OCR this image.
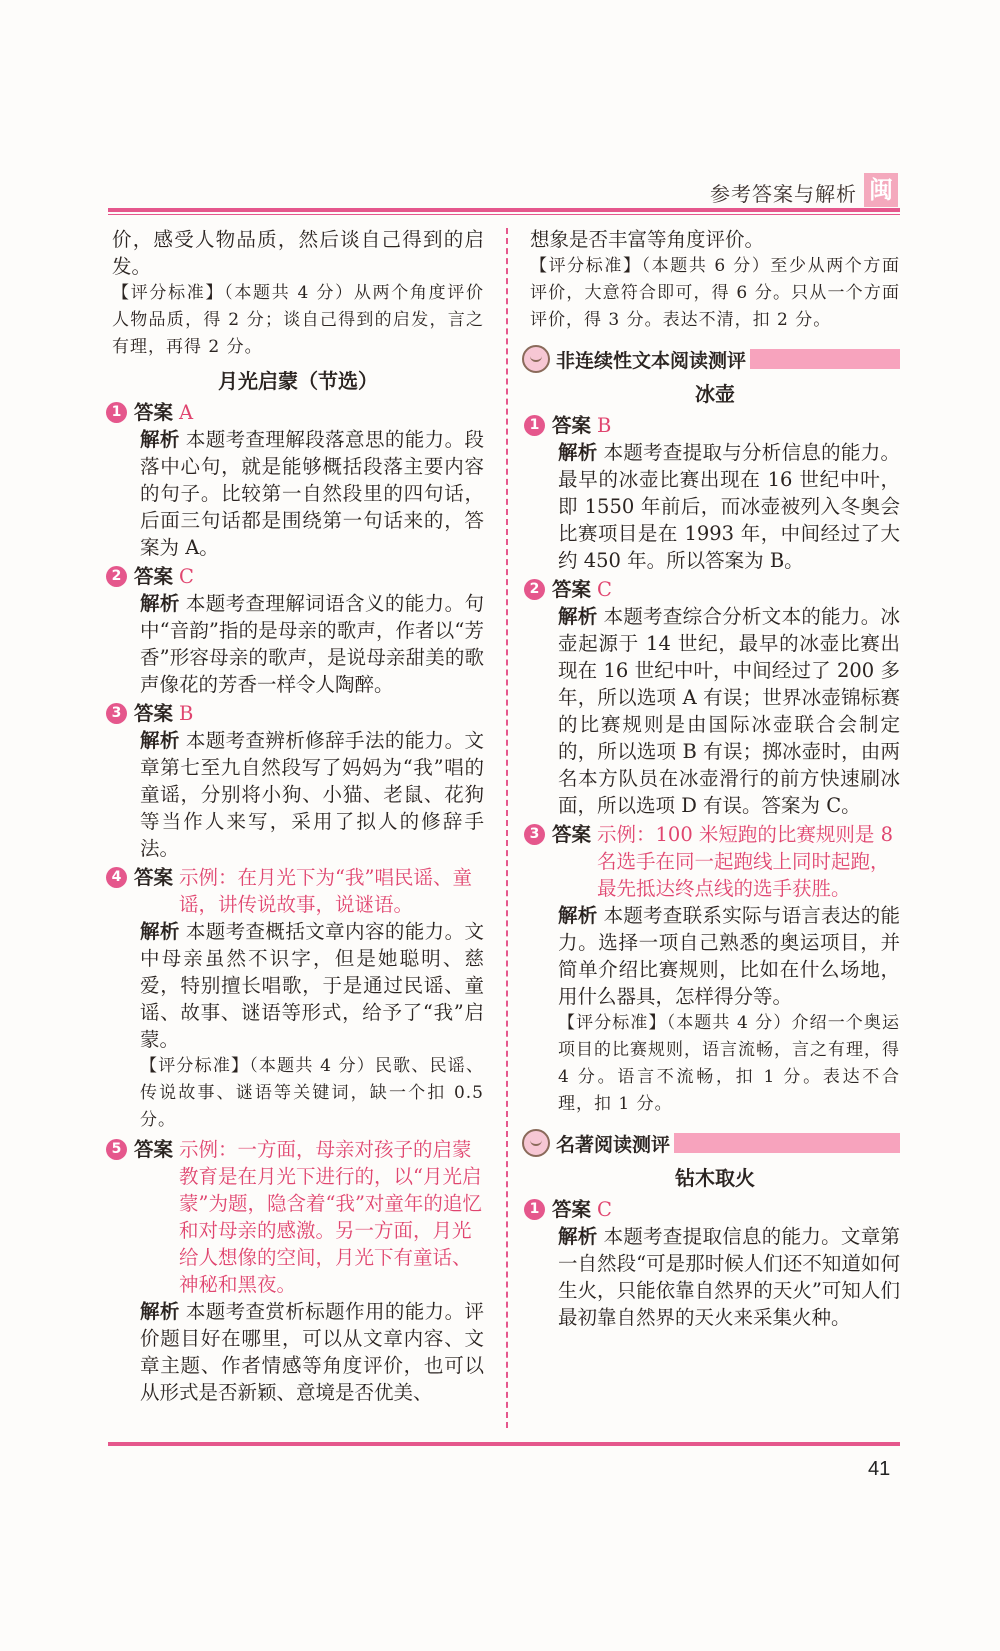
参考答案与解析 闽

价，感受人物品质，然后谈自己得到的启发。

【评分标准】（本题共 4 分）从两个角度评价人物品质，得 2 分；谈自己得到的启发，言之有理，再得 2 分。

月光启蒙（节选）
1 答案 A

解析 本题考查理解段落意思的能力。段落中心句，就是能够概括段落主要内容的句子。比较第一自然段里的四句话，后面三句话都是围绕第一句话来的，答案为 A。

2 答案 C

解析 本题考查理解词语含义的能力。句中“音韵”指的是母亲的歌声，作者以“芳香”形容母亲的歌声，是说母亲甜美的歌声像花的芳香一样令人陶醉。

3 答案 B

解析 本题考查辨析修辞手法的能力。文章第七至九自然段写了妈妈为“我”唱的童谣，分别将小狗、小猫、老鼠、花狗等当作人来写，采用了拟人的修辞手法。

4 答案 示例：在月光下为“我”唱民谣、童谣，讲传说故事，说谜语。

解析 本题考查概括文章内容的能力。文中母亲虽然不识字，但是她聪明、慈爱，特别擅长唱歌，于是通过民谣、童谣、故事、谜语等形式，给予了“我”启蒙。

【评分标准】（本题共 4 分）民歌、民谣、传说故事、谜语等关键词，缺一个扣 0.5 分。

5 答案 示例：一方面，母亲对孩子的启蒙教育是在月光下进行的，以“月光启蒙”为题，隐含着“我”对童年的追忆和对母亲的感激。另一方面，月光给人想像的空间，月光下有童话、神秘和黑夜。

解析 本题考查赏析标题作用的能力。评价题目好在哪里，可以从文章内容、文章主题、作者情感等角度评价，也可以从形式是否新颖、意境是否优美、

想象是否丰富等角度评价。

【评分标准】（本题共 6 分）至少从两个方面评价，大意符合即可，得 6 分。只从一个方面评价，得 3 分。表达不清，扣 2 分。

非连续性文本阅读测评
冰壶
1 答案 B

解析 本题考查提取与分析信息的能力。最早的冰壶比赛出现在 16 世纪中叶，即 1550 年前后，而冰壶被列入冬奥会比赛项目是在 1993 年，中间经过了大约 450 年。所以答案为 B。

2 答案 C

解析 本题考查综合分析文本的能力。冰壶起源于 14 世纪，最早的冰壶比赛出现在 16 世纪中叶，中间经过了 200 多年，所以选项 A 有误；世界冰壶锦标赛的比赛规则是由国际冰壶联合会制定的，所以选项 B 有误；掷冰壶时，由两名本方队员在冰壶滑行的前方快速刷冰面，所以选项 D 有误。答案为 C。

3 答案 示例：100 米短跑的比赛规则是 8 名选手在同一起跑线上同时起跑，最先抵达终点线的选手获胜。

解析 本题考查联系实际与语言表达的能力。选择一项自己熟悉的奥运项目，并简单介绍比赛规则，比如在什么场地，用什么器具，怎样得分等。

【评分标准】（本题共 4 分）介绍一个奥运项目的比赛规则，语言流畅，言之有理，得 4 分。语言不流畅，扣 1 分。表达不合理，扣 1 分。

名著阅读测评
钻木取火
1 答案 C

解析 本题考查提取信息的能力。文章第一自然段“可是那时候人们还不知道如何生火，只能依靠自然界的天火”可知人们最初靠自然界的天火来采集火种。

41
